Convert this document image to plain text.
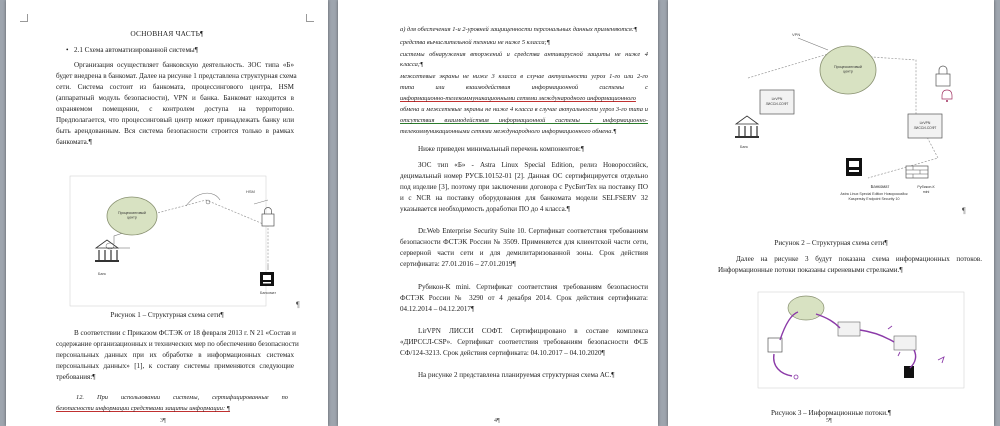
ОСНОВНАЯ ЧАСТЬ¶
• 2.1 Схема автоматизированной системы¶
Организация осуществляет банковскую деятельность. ЗОС типа «Б»
будет внедрена в банкомат. Далее на рисунке 1 представлена структурная схема
сети. Система состоит из банкомата, процессингового центра, HSM
(аппаратный модуль безопасности), VPN и банка. Банкомат находится в
охраняемом помещении, с контролем доступа на территорию.
Предполагается, что процессинговый центр может принадлежать банку или
быть арендованным. Вся система безопасности строится только в рамках
банкомата.¶
Процессинговый
центр
HSM
Банк
Банкомат
¶
Рисунок 1 – Структурная схема сети¶
В соответствии с Приказом ФСТЭК от 18 февраля 2013 г. N 21 «Состав и
содержание организационных и технических мер по обеспечению безопасности
персональных данных при их обработке в информационных системах
персональных данных» [1], к составу системы применяются следующие
требования:¶
12. При использовании системы, сертифицированные по
безопасности информации средствами защиты информации: ¶
3¶
а) для обеспечения 1-и 2-уровней защищенности персональных данных применяются:¶
средства вычислительной техники не ниже 5 класса;¶
системы обнаружения вторжений и средства антивирусной защиты не ниже 4
класса;¶
межсетевые экраны не ниже 3 класса в случае актуальности угроз 1-го или 2-го
типа или взаимодействия информационной системы с
информационно-телекоммуникационными сетями международного информационного
обмена и межсетевые экраны не ниже 4 класса в случае актуальности угроз 3-го типа и
отсутствия взаимодействия информационной системы с информационно-
телекоммуникационными сетями международного информационного обмена.¶
Ниже приведен минимальный перечень компонентов:¶
ЗОС тип «Б» - Astra Linux Special Edition, релиз Новороссийск,
децимальный номер РУСБ.10152-01 [2]. Данная ОС сертифицируется отдельно
под изделие [3], поэтому при заключении договора с РусБитТех на поставку ПО
и с NCR на поставку оборудования для банкомата модели SELFSERV 32
указывается необходимость доработки ПО до 4 класса.¶
Dr.Web Enterprise Security Suite 10. Сертификат соответствия требованиям
безопасности ФСТЭК России № 3509. Применяется для клиентской части сети,
серверной части сети и для демилитаризованной зоны. Срок действия
сертификата: 27.01.2016 – 27.01.2019¶
Рубикон-К mini. Сертификат соответствия требованиям безопасности
ФСТЭК России № 3290 от 4 декабря 2014. Срок действия сертификата:
04.12.2014 – 04.12.2017¶
LirVPN ЛИССИ СОФТ. Сертифицировано в составе комплекса
«ДИРССЛ-CSP». Сертификат соответствия требованиям безопасности ФСБ
СФ/124-3213. Срок действия сертификата: 04.10.2017 – 04.10.2020¶
На рисунке 2 представлена планируемая структурная схема АС.¶
4¶
VPN
Процессинговый
центр
LirVPN
ЛИССИ-СОФТ
LirVPN
ЛИССИ-СОФТ
Банк
Банкомат
Astra Linux Special Edition Новороссийск
Kaspersky Endpoint Security 10
Рубикон-К
mini
¶
Рисунок 2 – Структурная схема сети¶
Далее на рисунке 3 будут показана схема информационных потоков.
Информационные потоки показаны сиреневыми стрелками.¶
Рисунок 3 – Информационные потоки.¶
5¶
